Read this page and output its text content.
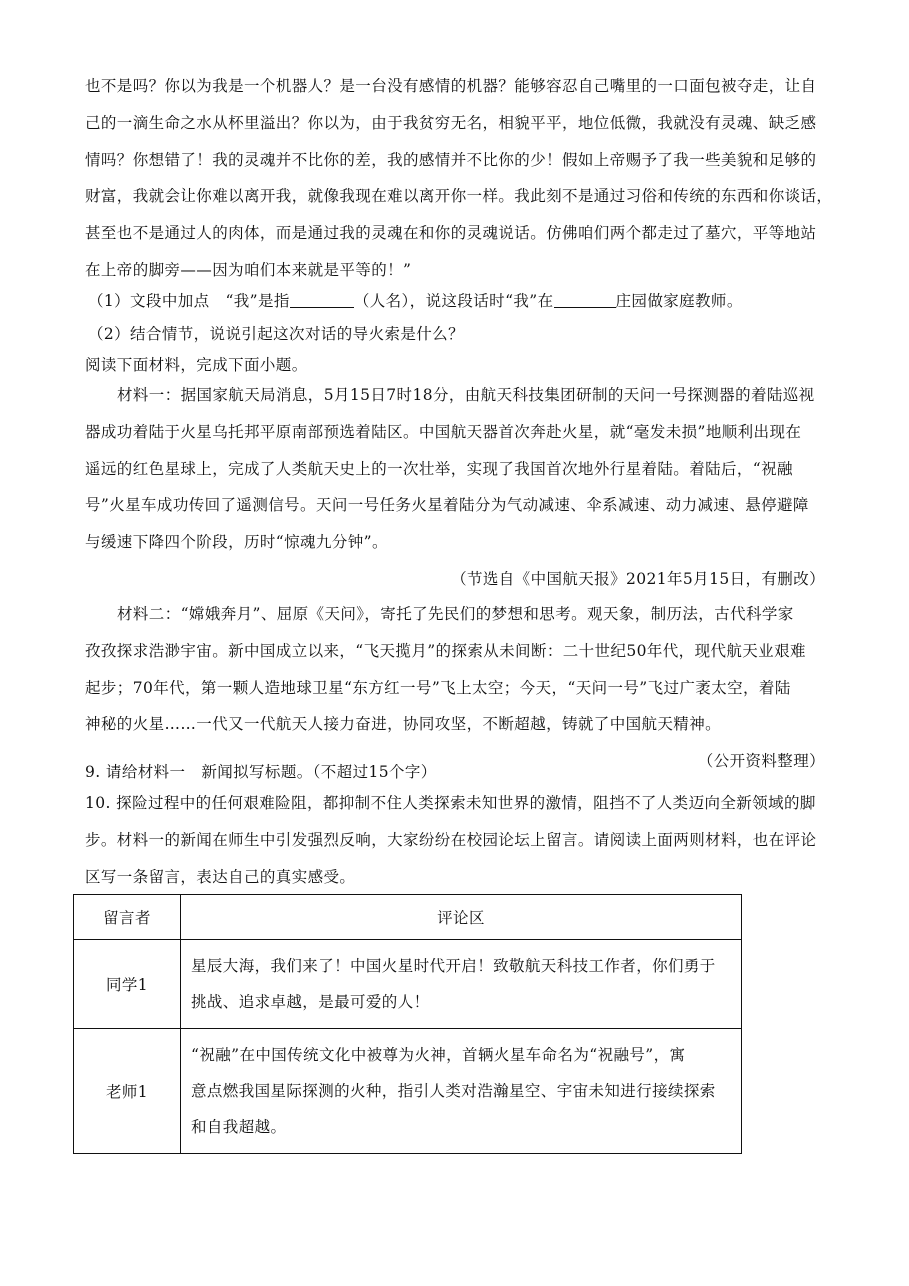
也不是吗？你以为我是一个机器人？是一台没有感情的机器？能够容忍自己嘴里的一口面包被夺走，让自
己的一滴生命之水从杯里溢出？你以为，由于我贫穷无名，相貌平平，地位低微，我就没有灵魂、缺乏感
情吗？你想错了！我的灵魂并不比你的差，我的感情并不比你的少！假如上帝赐予了我一些美貌和足够的
财富，我就会让你难以离开我，就像我现在难以离开你一样。我此刻不是通过习俗和传统的东西和你谈话，
甚至也不是通过人的肉体，而是通过我的灵魂在和你的灵魂说话。仿佛咱们两个都走过了墓穴，平等地站
在上帝的脚旁——因为咱们本来就是平等的！”
（1）文段中加点　“我”是指	（人名），说这段话时“我”在	庄园做家庭教师。
（2）结合情节，说说引起这次对话的导火索是什么？
阅读下面材料，完成下面小题。
材料一：据国家航天局消息，5月15日7时18分，由航天科技集团研制的天问一号探测器的着陆巡视
器成功着陆于火星乌托邦平原南部预选着陆区。中国航天器首次奔赴火星，就“毫发未损”地顺利出现在
遥远的红色星球上，完成了人类航天史上的一次壮举，实现了我国首次地外行星着陆。着陆后，“祝融
号”火星车成功传回了遥测信号。天问一号任务火星着陆分为气动减速、伞系减速、动力减速、悬停避障
与缓速下降四个阶段，历时“惊魂九分钟”。
（节选自《中国航天报》2021年5月15日，有删改）
材料二：“嫦娥奔月”、屈原《天问》，寄托了先民们的梦想和思考。观天象，制历法，古代科学家
孜孜探求浩渺宇宙。新中国成立以来，“飞天揽月”的探索从未间断：二十世纪50年代，现代航天业艰难
起步；70年代，第一颗人造地球卫星“东方红一号”飞上太空；今天，“天问一号”飞过广袤太空，着陆
神秘的火星……一代又一代航天人接力奋进，协同攻坚，不断超越，铸就了中国航天精神。
（公开资料整理）
9. 请给材料一　新闻拟写标题。（不超过15个字）
10. 探险过程中的任何艰难险阻，都抑制不住人类探索未知世界的激情，阻挡不了人类迈向全新领域的脚
步。材料一的新闻在师生中引发强烈反响，大家纷纷在校园论坛上留言。请阅读上面两则材料，也在评论
区写一条留言，表达自己的真实感受。
留言者	评论区
同学1	星辰大海，我们来了！中国火星时代开启！致敬航天科技工作者，你们勇于
挑战、追求卓越，是最可爱的人！

老师1	“祝融”在中国传统文化中被尊为火神，首辆火星车命名为“祝融号”，寓
意点燃我国星际探测的火种，指引人类对浩瀚星空、宇宙未知进行接续探索
和自我超越。
